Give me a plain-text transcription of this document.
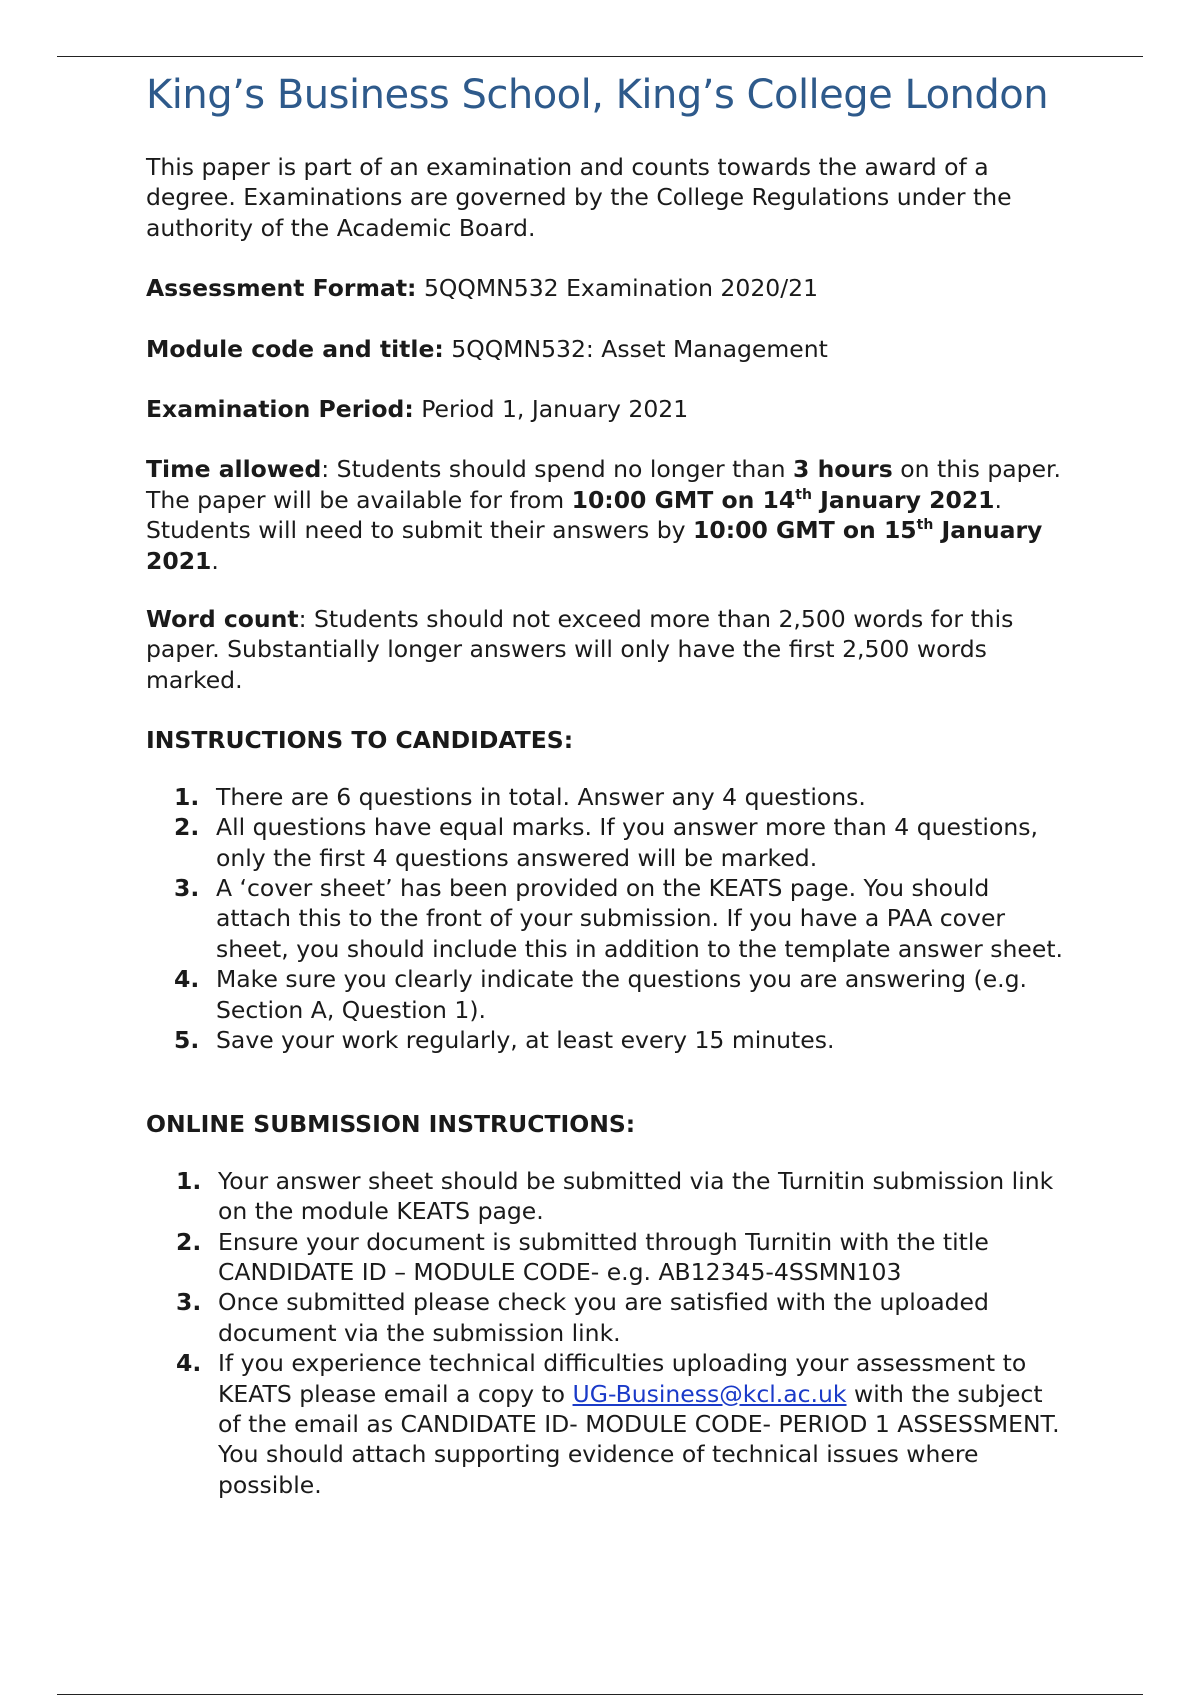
King’s Business School, King’s College London

This paper is part of an examination and counts towards the award of a degree. Examinations are governed by the College Regulations under the authority of the Academic Board.

Assessment Format: 5QQMN532 Examination 2020/21

Module code and title: 5QQMN532: Asset Management

Examination Period: Period 1, January 2021

Time allowed: Students should spend no longer than 3 hours on this paper. The paper will be available for from 10:00 GMT on 14th January 2021. Students will need to submit their answers by 10:00 GMT on 15th January 2021.

Word count: Students should not exceed more than 2,500 words for this paper. Substantially longer answers will only have the first 2,500 words marked.

INSTRUCTIONS TO CANDIDATES:
1. There are 6 questions in total. Answer any 4 questions.
2. All questions have equal marks. If you answer more than 4 questions, only the first 4 questions answered will be marked.
3. A ‘cover sheet’ has been provided on the KEATS page. You should attach this to the front of your submission. If you have a PAA cover sheet, you should include this in addition to the template answer sheet.
4. Make sure you clearly indicate the questions you are answering (e.g. Section A, Question 1).
5. Save your work regularly, at least every 15 minutes.
ONLINE SUBMISSION INSTRUCTIONS:
1. Your answer sheet should be submitted via the Turnitin submission link on the module KEATS page.
2. Ensure your document is submitted through Turnitin with the title CANDIDATE ID – MODULE CODE- e.g. AB12345-4SSMN103
3. Once submitted please check you are satisfied with the uploaded document via the submission link.
4. If you experience technical difficulties uploading your assessment to KEATS please email a copy to UG-Business@kcl.ac.uk with the subject of the email as CANDIDATE ID- MODULE CODE- PERIOD 1 ASSESSMENT. You should attach supporting evidence of technical issues where possible.
